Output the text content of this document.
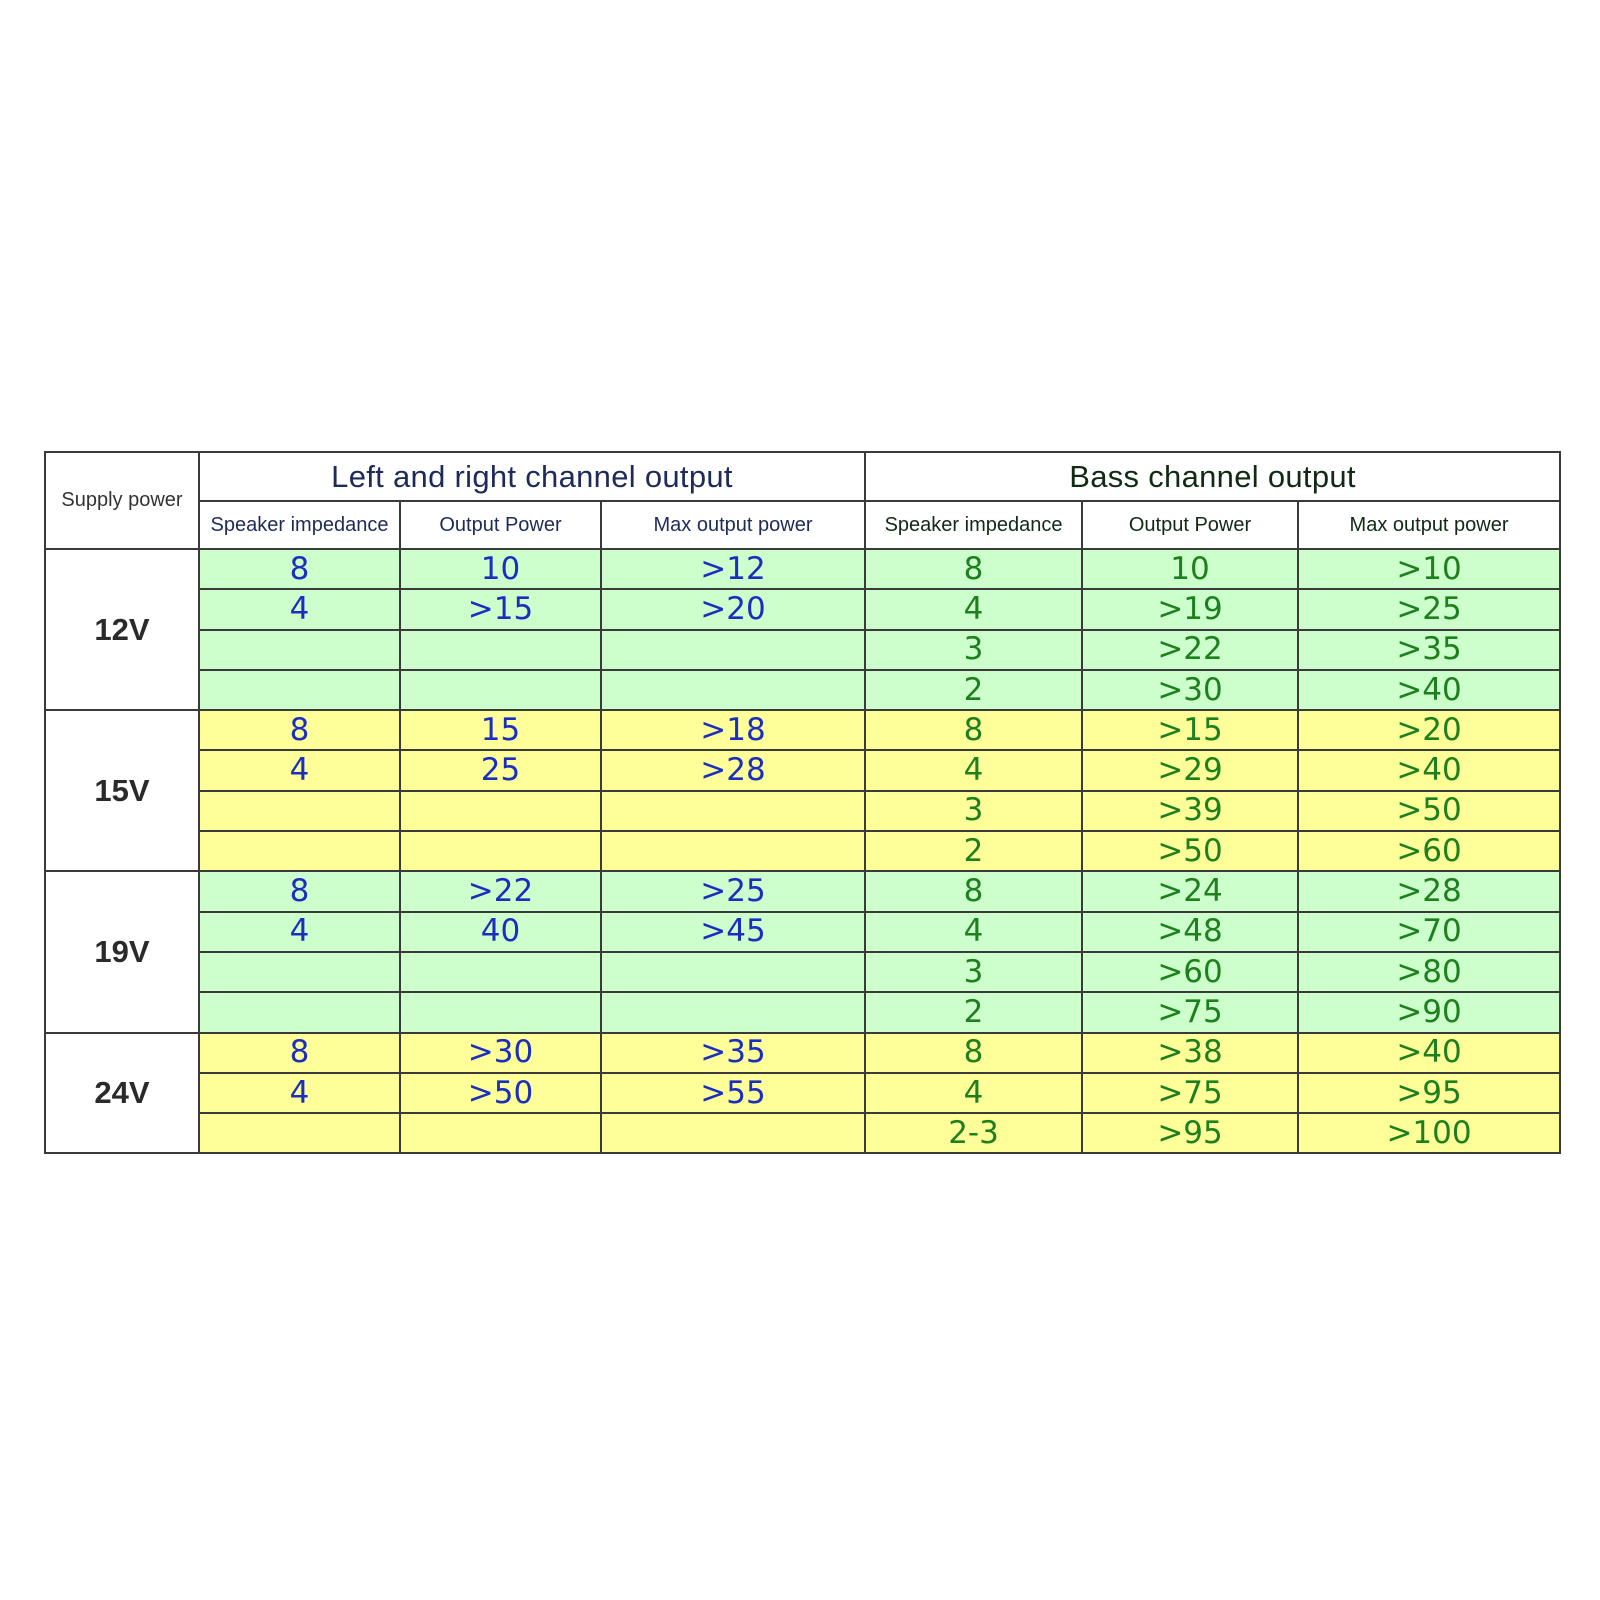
Supply power	Left and right channel output			Bass channel output		
	Speaker impedance	Output Power	Max output power	Speaker impedance	Output Power	Max output power
12V	8	10	>12	8	10	>10
	4	>15	>20	4	>19	>25
				3	>22	>35
				2	>30	>40
15V	8	15	>18	8	>15	>20
	4	25	>28	4	>29	>40
				3	>39	>50
				2	>50	>60
19V	8	>22	>25	8	>24	>28
	4	40	>45	4	>48	>70
				3	>60	>80
				2	>75	>90
24V	8	>30	>35	8	>38	>40
	4	>50	>55	4	>75	>95
				2-3	>95	>100
